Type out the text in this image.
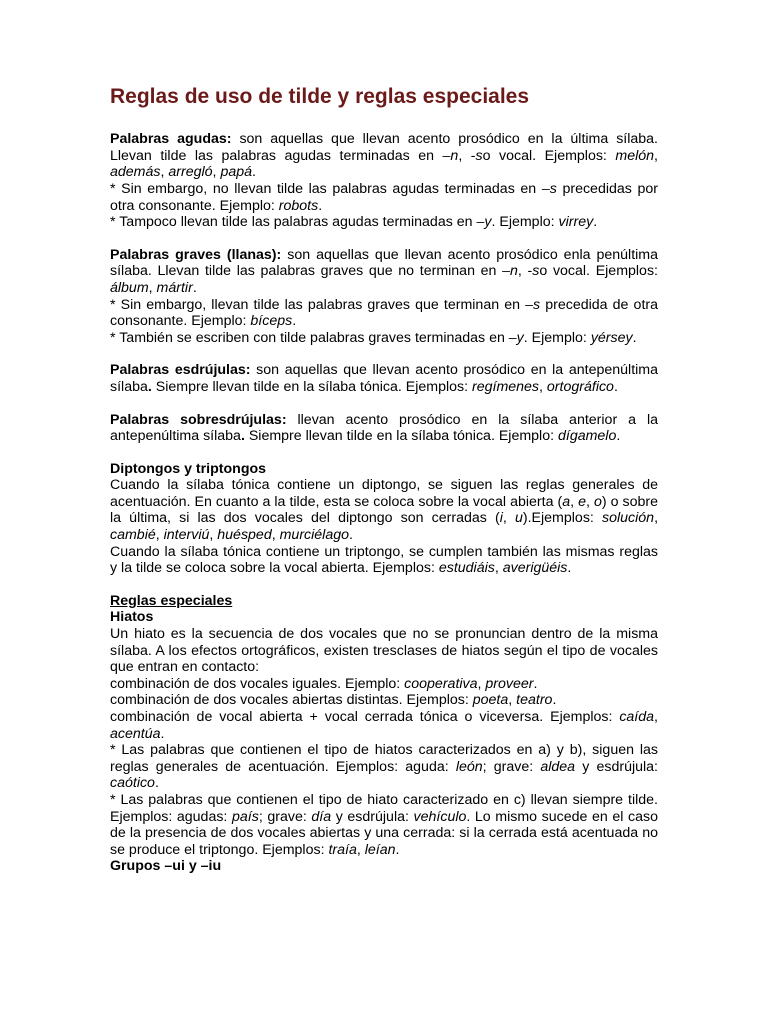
Reglas de uso de tilde y reglas especiales

Palabras agudas: son aquellas que llevan acento prosódico en la última sílaba. Llevan tilde las palabras agudas terminadas en –n, -so vocal. Ejemplos: melón, además, arregló, papá.

* Sin embargo, no llevan tilde las palabras agudas terminadas en –s precedidas por otra consonante. Ejemplo: robots.

* Tampoco llevan tilde las palabras agudas terminadas en –y. Ejemplo: virrey.

Palabras graves (llanas): son aquellas que llevan acento prosódico enla penúltima sílaba. Llevan tilde las palabras graves que no terminan en –n, -so vocal. Ejemplos: álbum, mártir.

* Sin embargo, llevan tilde las palabras graves que terminan en –s precedida de otra consonante. Ejemplo: bíceps.

* También se escriben con tilde palabras graves terminadas en –y. Ejemplo: yérsey.

Palabras esdrújulas: son aquellas que llevan acento prosódico en la antepenúltima sílaba. Siempre llevan tilde en la sílaba tónica. Ejemplos: regímenes, ortográfico.

Palabras sobresdrújulas: llevan acento prosódico en la sílaba anterior a la antepenúltima sílaba. Siempre llevan tilde en la sílaba tónica. Ejemplo: dígamelo.

Diptongos y triptongos

Cuando la sílaba tónica contiene un diptongo, se siguen las reglas generales de acentuación. En cuanto a la tilde, esta se coloca sobre la vocal abierta (a, e, o) o sobre la última, si las dos vocales del diptongo son cerradas (i, u).Ejemplos: solución, cambié, interviú, huésped, murciélago.

Cuando la sílaba tónica contiene un triptongo, se cumplen también las mismas reglas y la tilde se coloca sobre la vocal abierta. Ejemplos: estudiáis, averigüéis.

Reglas especiales

Hiatos

Un hiato es la secuencia de dos vocales que no se pronuncian dentro de la misma sílaba. A los efectos ortográficos, existen tresclases de hiatos según el tipo de vocales que entran en contacto:

combinación de dos vocales iguales. Ejemplo: cooperativa, proveer.

combinación de dos vocales abiertas distintas. Ejemplos: poeta, teatro.

combinación de vocal abierta + vocal cerrada tónica o viceversa. Ejemplos: caída, acentúa.

* Las palabras que contienen el tipo de hiatos caracterizados en a) y b), siguen las reglas generales de acentuación. Ejemplos: aguda: león; grave: aldea y esdrújula: caótico.

* Las palabras que contienen el tipo de hiato caracterizado en c) llevan siempre tilde. Ejemplos: agudas: país; grave: día y esdrújula: vehículo. Lo mismo sucede en el caso de la presencia de dos vocales abiertas y una cerrada: si la cerrada está acentuada no se produce el triptongo. Ejemplos: traía, leían.

Grupos –ui y –iu
